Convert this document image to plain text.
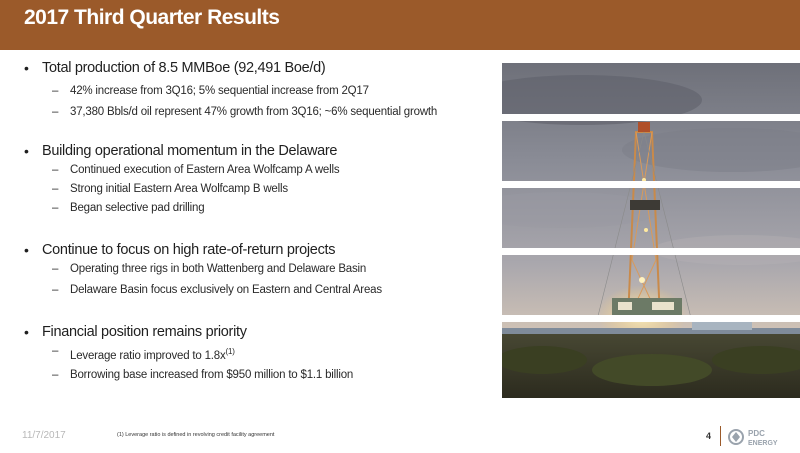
2017 Third Quarter Results
• Total production of 8.5 MMBoe (92,491 Boe/d)
– 42% increase from 3Q16; 5% sequential increase from 2Q17
– 37,380 Bbls/d oil represent 47% growth from 3Q16; ~6% sequential growth
• Building operational momentum in the Delaware
– Continued execution of Eastern Area Wolfcamp A wells
– Strong initial Eastern Area Wolfcamp B wells
– Began selective pad drilling
• Continue to focus on high rate-of-return projects
– Operating three rigs in both Wattenberg and Delaware Basin
– Delaware Basin focus exclusively on Eastern and Central Areas
• Financial position remains priority
– Leverage ratio improved to $1.8x^{(1)}$
– Borrowing base increased from $950 million to $1.1 billion
11/7/2017	(1) Leverage ratio is defined in revolving credit facility agreement	4	PDC
ENERGY
